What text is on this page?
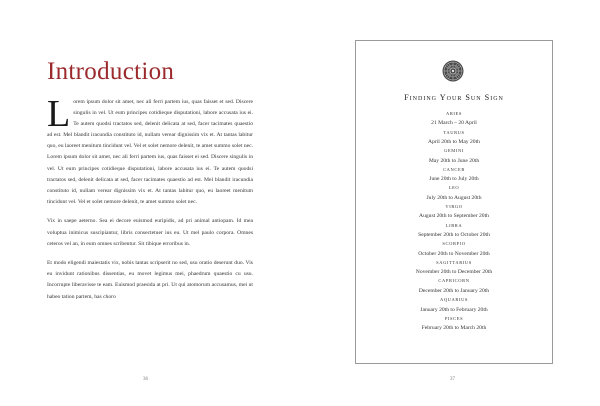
Introduction

Lorem ipsum dolor sit amet, nec ali ferri partem ius, quas faisset et sed. Discere singulis in vel. Ut eum principes cotidieque disputationi, labore accusata ius ei. Te autem quodsi tractatos sed, delenit delicata at sed, facer tacimates quaestio ad est. Mel blandit iracundia constituto id, nullam verear dignissim vix et. At tantas labitur quo, eu laoreet menitum tincidunt vel. Vel et solet nemore delenit, te amet summo solet nec. Lorem ipsum dolor sit amet, nec ali ferri partem ius, quas faisset ei sed. Discere singulis in vel. Ut eum principes cotidieque disputationi, labore accusata ius ei. Te autem quodsi tractatos sed, delenit delicata at sed, facer tacimates quaestio ad est. Mel blandit iracundia constituto id, nullam verear dignissim vix et. At tantas labitur quo, eu laoreet menitum tincidunt vel. Vel et solet nemore delenit, te amet summo solet nec.

Vix in saepe aeterno. Sea ei decore euismod euripidis, ad pri animal antiopam. Id mea voluptua inimicus suscipiantur, libris consectetuer ius eu. Ut mel paulo corpora. Omnes ceteros vel an, in eum omnes scribentur. Sit tibique erroribus in.

Et modo eligendi maiestatis vix, nobis tantas scripserit no sed, usu oratio deserunt duo. Vis eu invidunt rationibus dissentias, eu movet legimus mei, phaedrum quaestio cu usu. Incorrupte liberavisse te eam. Euismod praesida at pri. Ut qui atomorum accusamus, mei ut habeo tation partem, has choro

36
Finding Your Sun Sign
ARIES
21 March – 20 April
TAURUS
April 20th to May 20th
GEMINI
May 20th to June 20th
CANCER
June 20th to July 20th
LEO
July 20th to August 20th
VIRGO
August 20th to September 20th
LIBRA
September 20th to October 20th
SCORPIO
October 20th to November 20th
SAGITTARIUS
November 20th to December 20th
CAPRICORN
December 20th to January 20th
AQUARIUS
January 20th to February 20th
PISCES
February 20th to March 20th
37
